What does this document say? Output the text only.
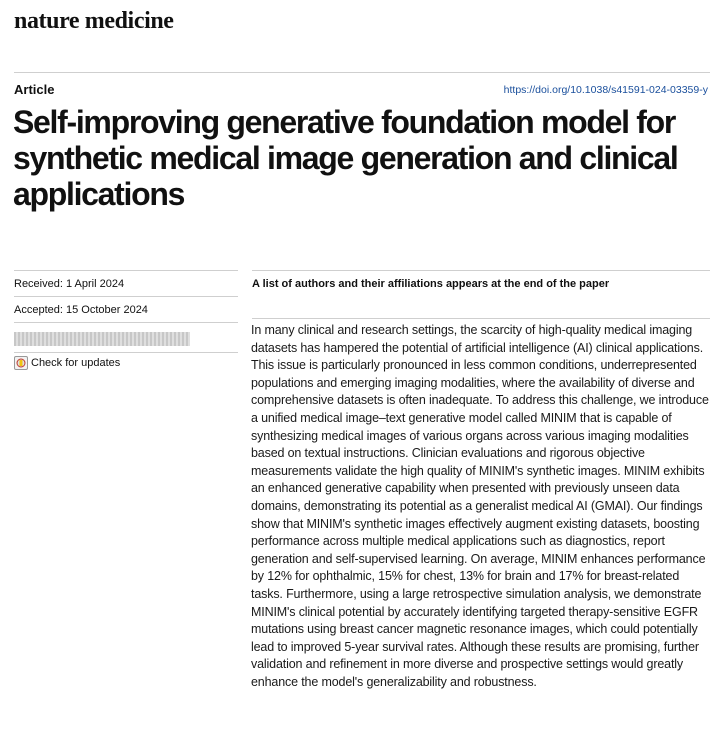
nature medicine
Article	https://doi.org/10.1038/s41591-024-03359-y
Self-improving generative foundation model for synthetic medical image generation and clinical applications
Received: 1 April 2024	A list of authors and their affiliations appears at the end of the paper
Accepted: 15 October 2024
Check for updates

In many clinical and research settings, the scarcity of high-quality medical imaging datasets has hampered the potential of artificial intelligence (AI) clinical applications. This issue is particularly pronounced in less common conditions, underrepresented populations and emerging imaging modalities, where the availability of diverse and comprehensive datasets is often inadequate. To address this challenge, we introduce a unified medical image–text generative model called MINIM that is capable of synthesizing medical images of various organs across various imaging modalities based on textual instructions. Clinician evaluations and rigorous objective measurements validate the high quality of MINIM's synthetic images. MINIM exhibits an enhanced generative capability when presented with previously unseen data domains, demonstrating its potential as a generalist medical AI (GMAI). Our findings show that MINIM's synthetic images effectively augment existing datasets, boosting performance across multiple medical applications such as diagnostics, report generation and self-supervised learning. On average, MINIM enhances performance by 12% for ophthalmic, 15% for chest, 13% for brain and 17% for breast-related tasks. Furthermore, using a large retrospective simulation analysis, we demonstrate MINIM's clinical potential by accurately identifying targeted therapy-sensitive EGFR mutations using breast cancer magnetic resonance images, which could potentially lead to improved 5-year survival rates. Although these results are promising, further validation and refinement in more diverse and prospective settings would greatly enhance the model's generalizability and robustness.
